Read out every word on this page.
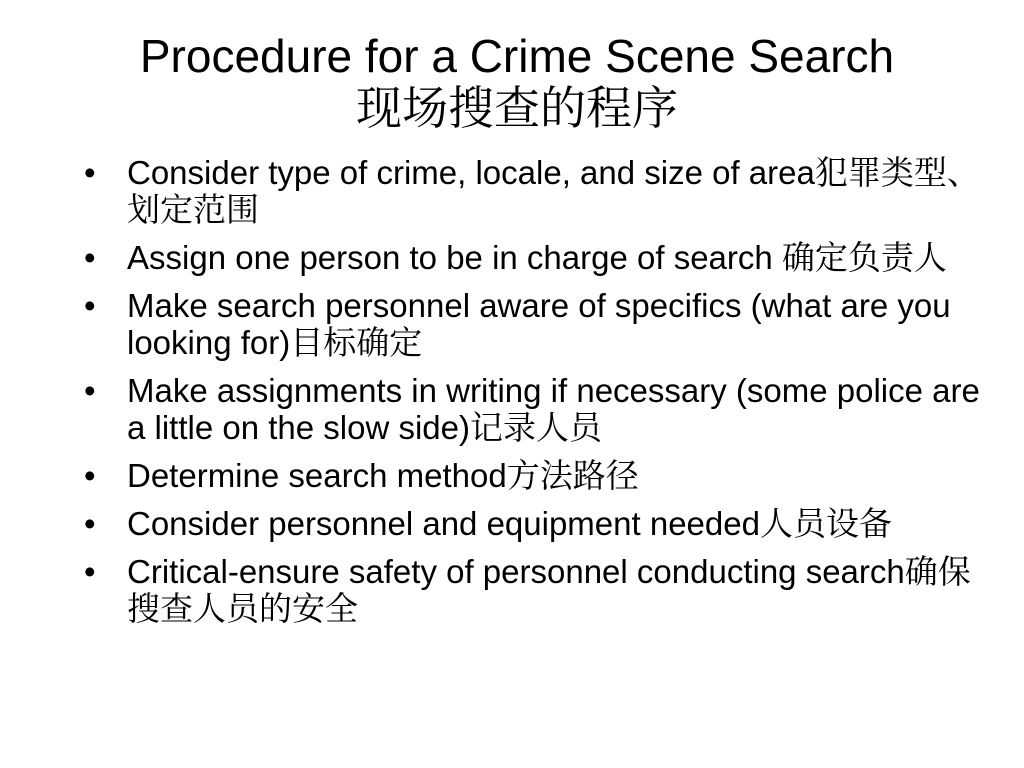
Procedure for a Crime Scene Search
现场搜查的程序
• Consider type of crime, locale, and size of area犯罪类型、划定范围
• Assign one person to be in charge of search 确定负责人
• Make search personnel aware of specifics (what are you looking for)目标确定
• Make assignments in writing if necessary (some police are a little on the slow side)记录人员
• Determine search method方法路径
• Consider personnel and equipment needed人员设备
• Critical-ensure safety of personnel conducting search确保搜查人员的安全
